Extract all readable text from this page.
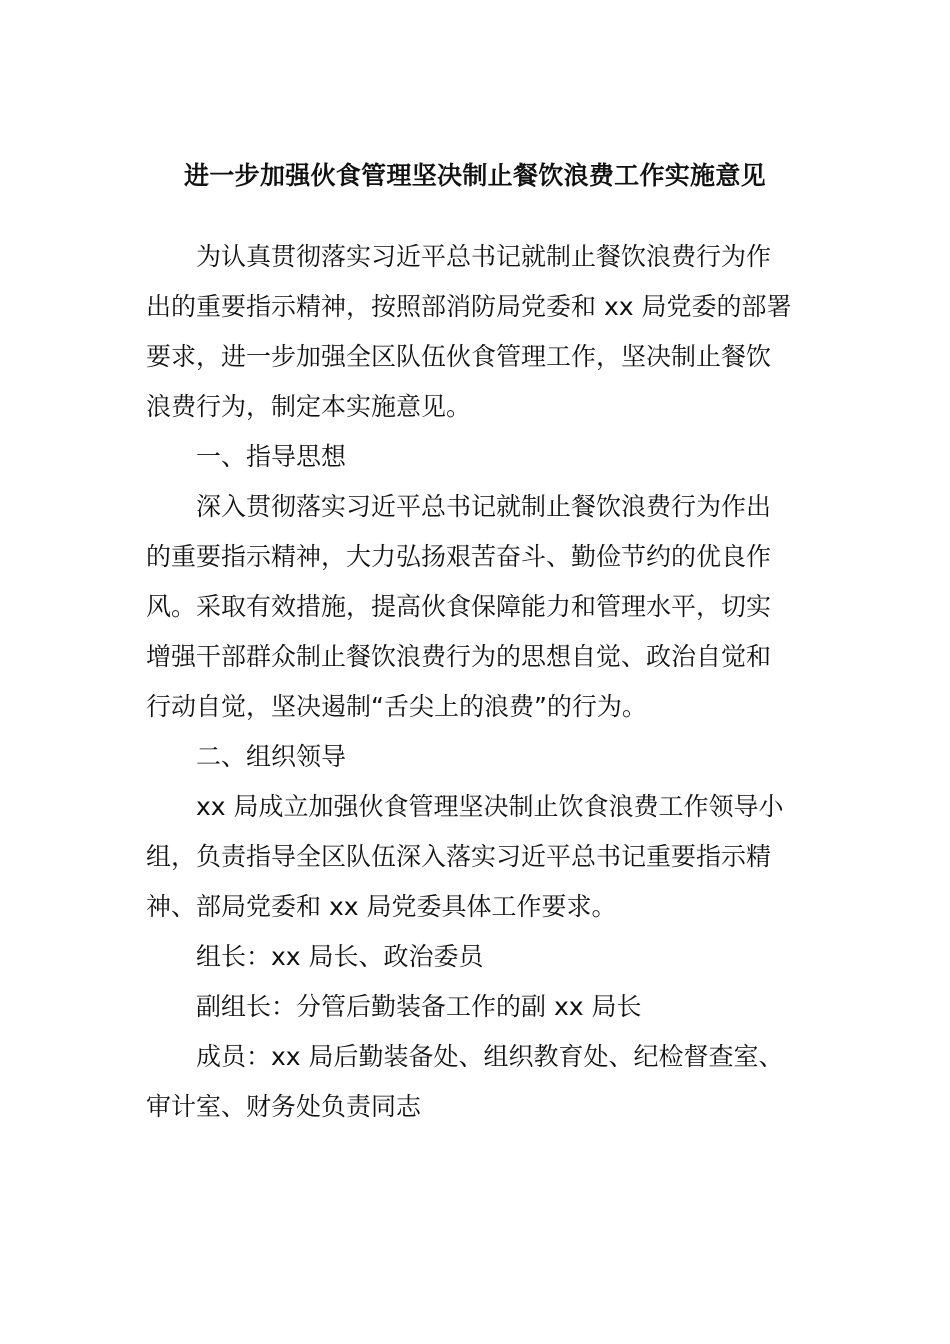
进一步加强伙食管理坚决制止餐饮浪费工作实施意见
为认真贯彻落实习近平总书记就制止餐饮浪费行为作
出的重要指示精神，按照部消防局党委和 xx 局党委的部署
要求，进一步加强全区队伍伙食管理工作，坚决制止餐饮
浪费行为，制定本实施意见。
一、指导思想
深入贯彻落实习近平总书记就制止餐饮浪费行为作出
的重要指示精神，大力弘扬艰苦奋斗、勤俭节约的优良作
风。采取有效措施，提高伙食保障能力和管理水平，切实
增强干部群众制止餐饮浪费行为的思想自觉、政治自觉和
行动自觉，坚决遏制“舌尖上的浪费”的行为。
二、组织领导
xx 局成立加强伙食管理坚决制止饮食浪费工作领导小
组，负责指导全区队伍深入落实习近平总书记重要指示精
神、部局党委和 xx 局党委具体工作要求。
组长：xx 局长、政治委员
副组长：分管后勤装备工作的副 xx 局长
成员：xx 局后勤装备处、组织教育处、纪检督查室、
审计室、财务处负责同志
